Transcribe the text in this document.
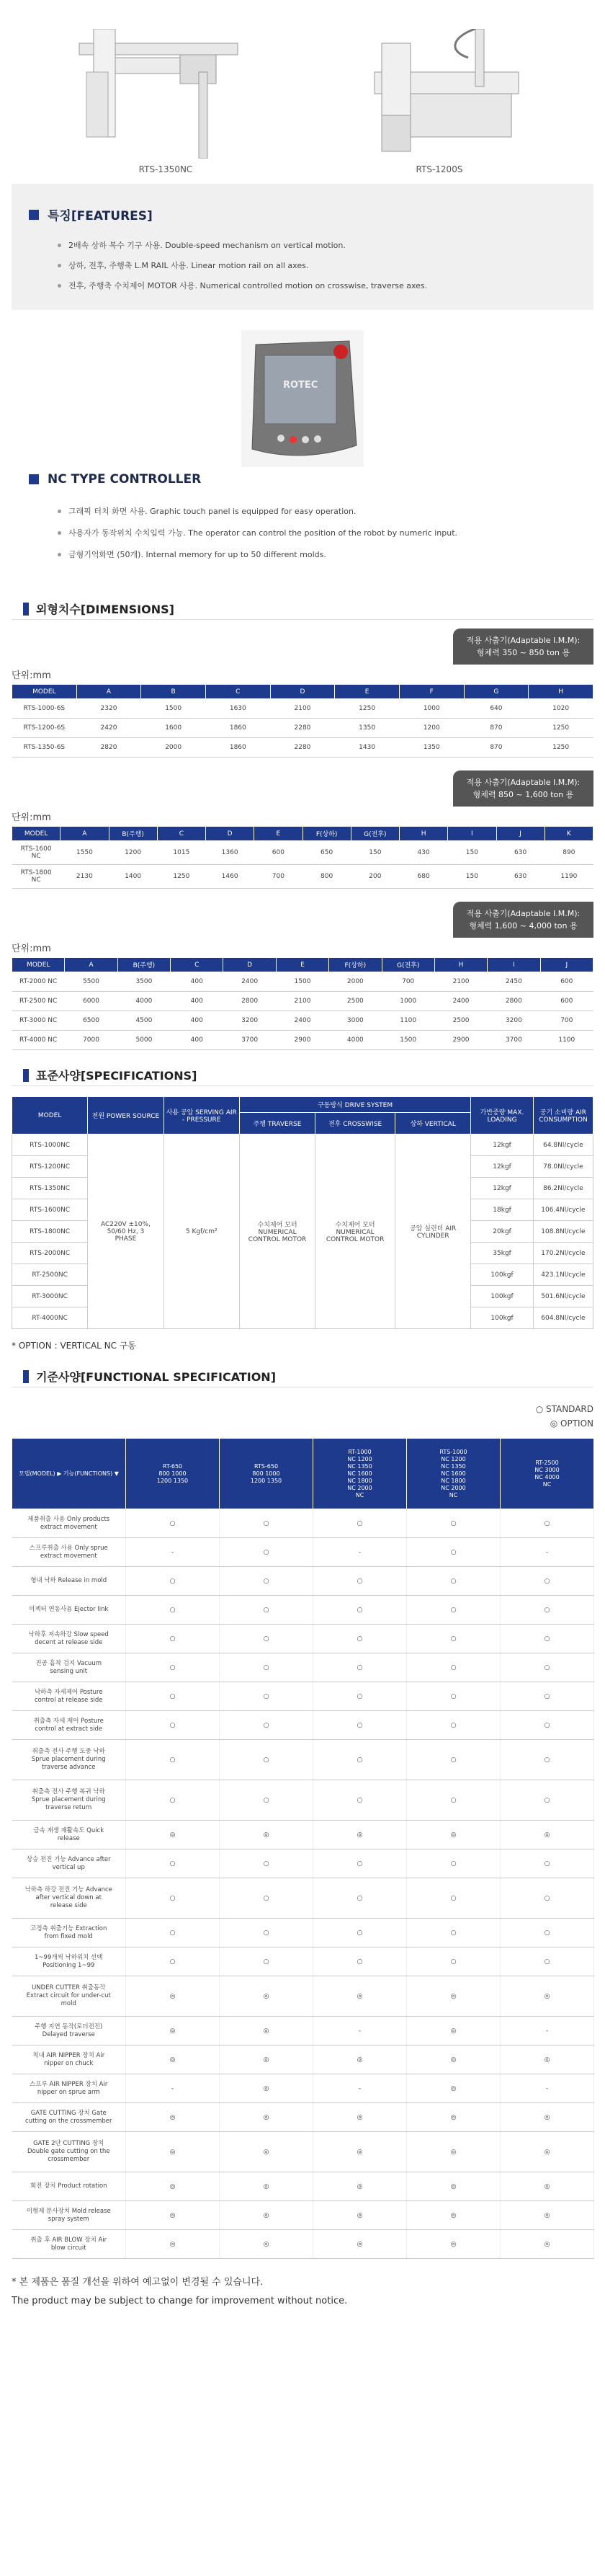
RTS-1350NC	RTS-1200S
특징[FEATURES]
2배속 상하 복수 기구 사용. Double-speed mechanism on vertical motion.
상하, 전후, 주행축 L.M RAIL 사용. Linear motion rail on all axes.
전후, 주행축 수치제어 MOTOR 사용. Numerical controlled motion on crosswise, traverse axes.
ROTEC
NC TYPE CONTROLLER
그래픽 터치 화면 사용. Graphic touch panel is equipped for easy operation.
사용자가 동작위치 수치입력 가능. The operator can control the position of the robot by numeric input.
금형기억화면 (50개). Internal memory for up to 50 different molds.
외형치수[DIMENSIONS]
적용 사출기(Adaptable I.M.M):
형체력 350 ~ 850 ton 용
단위:mm
MODEL	A	B	C	D	E	F	G	H
RTS-1000-6S	2320	1500	1630	2100	1250	1000	640	1020
RTS-1200-6S	2420	1600	1860	2280	1350	1200	870	1250
RTS-1350-6S	2820	2000	1860	2280	1430	1350	870	1250
적용 사출기(Adaptable I.M.M):
형체력 850 ~ 1,600 ton 용
단위:mm
MODEL	A	B(주행)	C	D	E	F(상하)	G(전후)	H	I	J	K
RTS-1600
NC	1550	1200	1015	1360	600	650	150	430	150	630	890
RTS-1800
NC	2130	1400	1250	1460	700	800	200	680	150	630	1190
적용 사출기(Adaptable I.M.M):
형체력 1,600 ~ 4,000 ton 용
단위:mm
MODEL	A	B(주행)	C	D	E	F(상하)	G(전후)	H	I	J
RT-2000 NC	5500	3500	400	2400	1500	2000	700	2100	2450	600
RT-2500 NC	6000	4000	400	2800	2100	2500	1000	2400	2800	600
RT-3000 NC	6500	4500	400	3200	2400	3000	1100	2500	3200	700
RT-4000 NC	7000	5000	400	3700	2900	4000	1500	2900	3700	1100
표준사양[SPECIFICATIONS]
MODEL	전원 POWER SOURCE	사용 공압 SERVING AIR - PRESSURE	구동방식 DRIVE SYSTEM			가반중량 MAX. LOADING	공기 소비량 AIR CONSUMPTION
			주행 TRAVERSE	전후 CROSSWISE	상하 VERTICAL		
RTS-1000NC	AC220V ±10%, 50/60 Hz, 3 PHASE	5 Kgf/cm²	수치제어 모터 NUMERICAL CONTROL MOTOR	수치제어 모터 NUMERICAL CONTROL MOTOR	공압 실린더 AIR CYLINDER	12kgf	64.8Nl/cycle
RTS-1200NC						12kgf	78.0Nl/cycle
RTS-1350NC						12kgf	86.2Nl/cycle
RTS-1600NC						18kgf	106.4Nl/cycle
RTS-1800NC						20kgf	108.8Nl/cycle
RTS-2000NC						35kgf	170.2Nl/cycle
RT-2500NC						100kgf	423.1Nl/cycle
RT-3000NC						100kgf	501.6Nl/cycle
RT-4000NC						100kgf	604.8Nl/cycle
* OPTION : VERTICAL NC 구동
기준사양[FUNCTIONAL SPECIFICATION]
○ STANDARD
◎ OPTION
모델(MODEL) ▶ 기능(FUNCTIONS) ▼	RT-650 800 1000 1200 1350	RTS-650 800 1000 1200 1350	RT-1000 NC 1200 NC 1350 NC 1600 NC 1800 NC 2000 NC	RTS-1000 NC 1200 NC 1350 NC 1600 NC 1800 NC 2000 NC	RT-2500 NC 3000 NC 4000 NC
제품취출 사용 Only products extract movement	○	○	○	○	○
스프루취출 사용 Only sprue extract movement	-	○	-	○	-
형내 낙하 Release in mold	○	○	○	○	○
이젝터 연동사용 Ejector link	○	○	○	○	○
낙하후 저속하강 Slow speed decent at release side	○	○	○	○	○
진공 흡착 검지 Vacuum sensing unit	○	○	○	○	○
낙하측 자세제어 Posture control at release side	○	○	○	○	○
취출측 자세 제어 Posture control at extract side	○	○	○	○	○
취출측 전사 주행 도중 낙하 Sprue placement during traverse advance	○	○	○	○	○
취출측 전사 주행 복귀 낙하 Sprue placement during traverse return	○	○	○	○	○
금속 재생 재활속도 Quick release	◎	◎	◎	◎	◎
상승 전진 기능 Advance after vertical up	○	○	○	○	○
낙하측 하강 전진 기능 Advance after vertical down at release side	○	○	○	○	○
고정측 취출기능 Extraction from fixed mold	○	○	○	○	○
1~99개씩 낙하위치 선택 Positioning 1~99	○	○	○	○	○
UNDER CUTTER 취출동작 Extract circuit for under-cut mold	◎	◎	◎	◎	◎
주행 지연 동작(로더전진) Delayed traverse	◎	◎	-	◎	-
척내 AIR NIPPER 장치 Air nipper on chuck	◎	◎	◎	◎	◎
스프루 AIR NIPPER 장치 Air nipper on sprue arm	-	◎	-	◎	-
GATE CUTTING 장치 Gate cutting on the crossmember	◎	◎	◎	◎	◎
GATE 2단 CUTTING 장치 Double gate cutting on the crossmember	◎	◎	◎	◎	◎
회전 장치 Product rotation	◎	◎	◎	◎	◎
이형제 분사장치 Mold release spray system	◎	◎	◎	◎	◎
취출 후 AIR BLOW 장치 Air blow circuit	◎	◎	◎	◎	◎
* 본 제품은 품질 개선을 위하여 예고없이 변경될 수 있습니다.
The product may be subject to change for improvement without notice.
